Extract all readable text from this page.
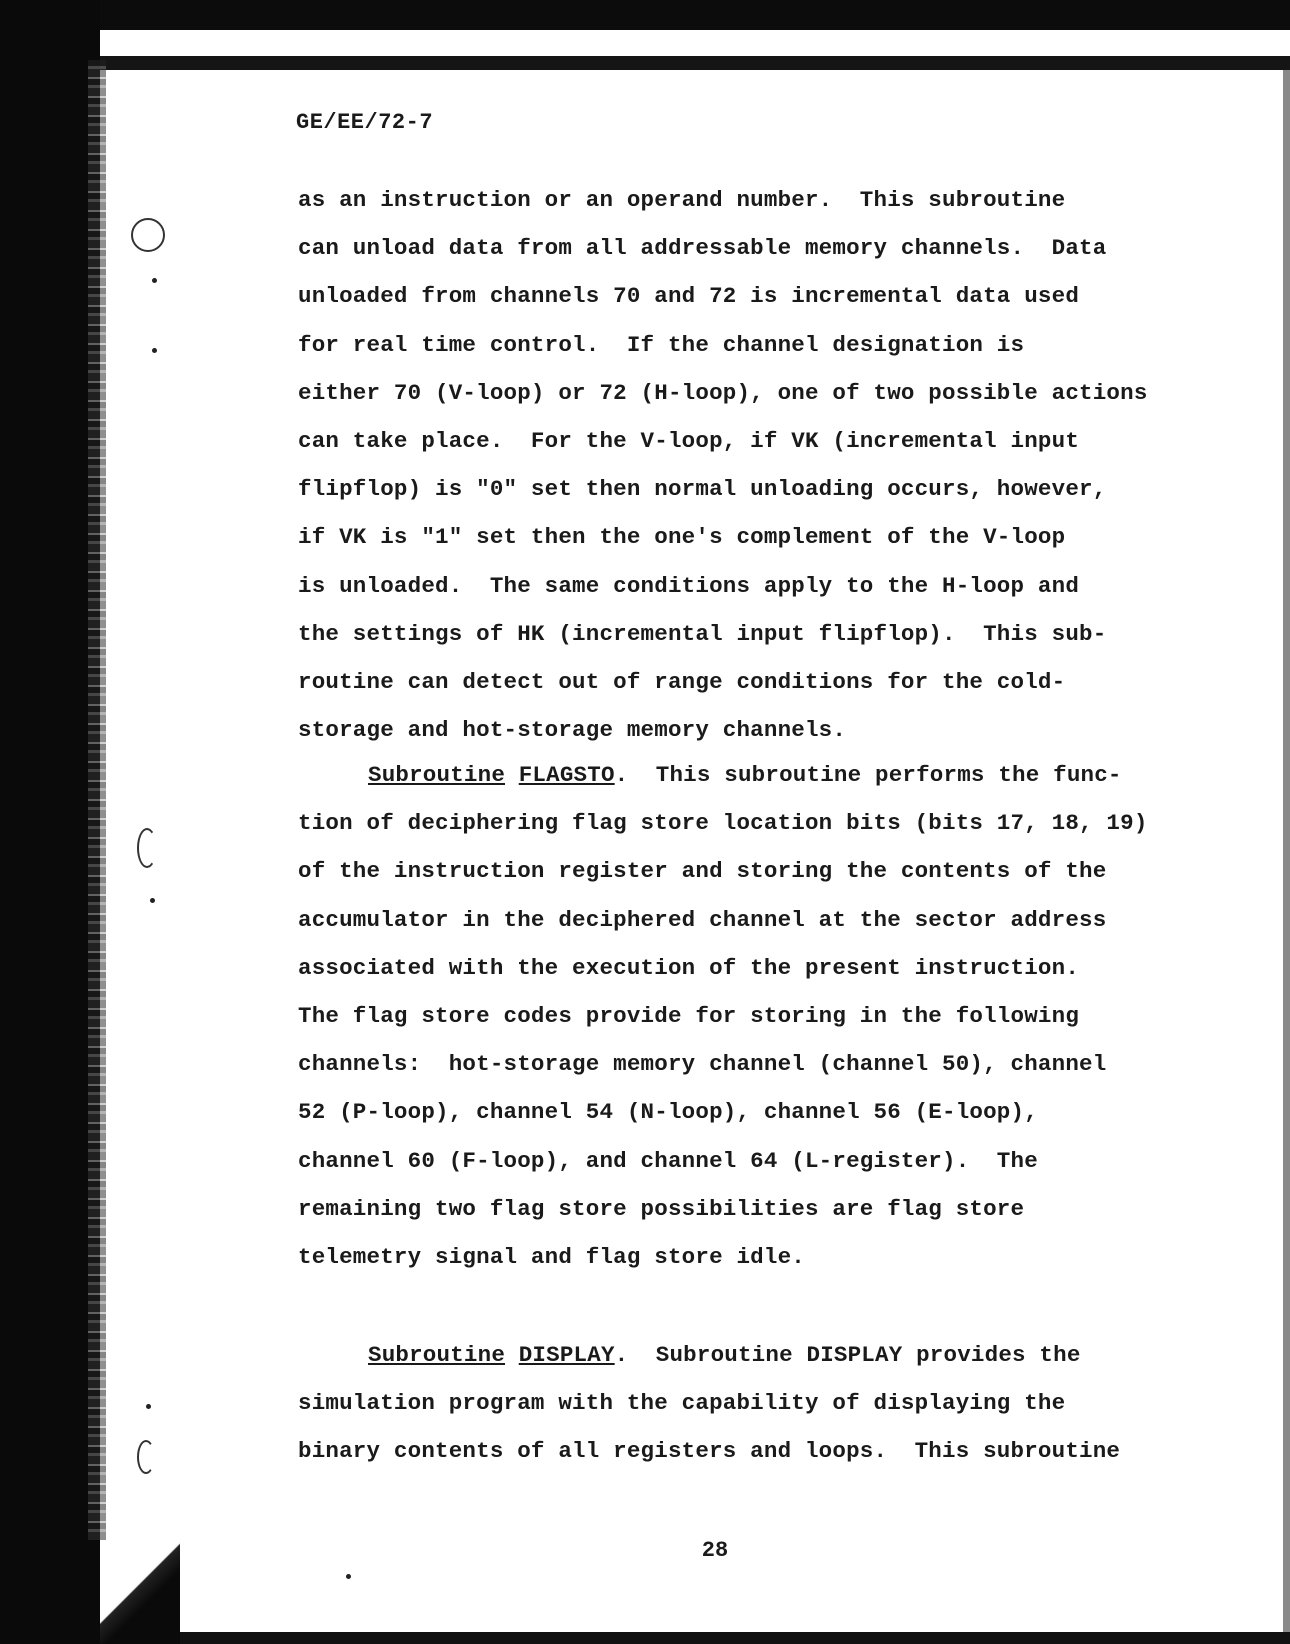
GE/EE/72-7
as an instruction or an operand number.  This subroutine
can unload data from all addressable memory channels.  Data
unloaded from channels 70 and 72 is incremental data used
for real time control.  If the channel designation is
either 70 (V-loop) or 72 (H-loop), one of two possible actions
can take place.  For the V-loop, if VK (incremental input
flipflop) is "0" set then normal unloading occurs, however,
if VK is "1" set then the one's complement of the V-loop
is unloaded.  The same conditions apply to the H-loop and
the settings of HK (incremental input flipflop).  This sub-
routine can detect out of range conditions for the cold-
storage and hot-storage memory channels.
Subroutine FLAGSTO.  This subroutine performs the func-
tion of deciphering flag store location bits (bits 17, 18, 19)
of the instruction register and storing the contents of the
accumulator in the deciphered channel at the sector address
associated with the execution of the present instruction.
The flag store codes provide for storing in the following
channels:  hot-storage memory channel (channel 50), channel
52 (P-loop), channel 54 (N-loop), channel 56 (E-loop),
channel 60 (F-loop), and channel 64 (L-register).  The
remaining two flag store possibilities are flag store
telemetry signal and flag store idle.
Subroutine DISPLAY.  Subroutine DISPLAY provides the
simulation program with the capability of displaying the
binary contents of all registers and loops.  This subroutine
28
